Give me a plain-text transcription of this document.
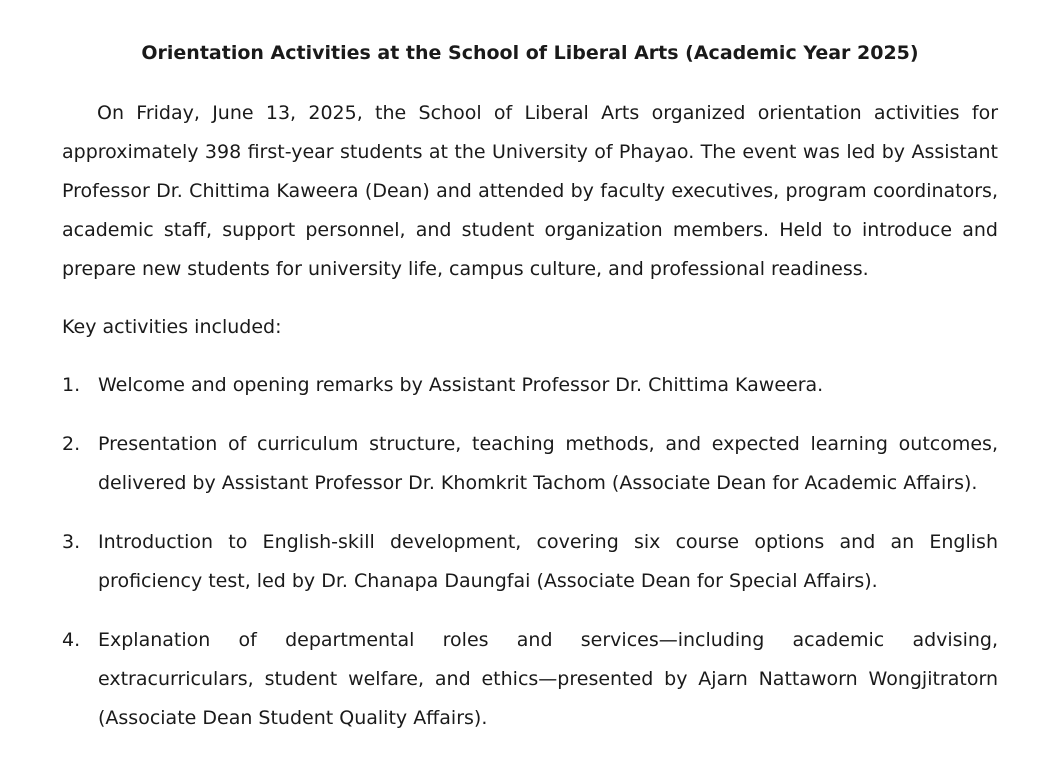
Orientation Activities at the School of Liberal Arts (Academic Year 2025)

On Friday, June 13, 2025, the School of Liberal Arts organized orientation activities for approximately 398 first-year students at the University of Phayao. The event was led by Assistant Professor Dr. Chittima Kaweera (Dean) and attended by faculty executives, program coordinators, academic staff, support personnel, and student organization members. Held to introduce and prepare new students for university life, campus culture, and professional readiness.

Key activities included:

1. Welcome and opening remarks by Assistant Professor Dr. Chittima Kaweera.
2. Presentation of curriculum structure, teaching methods, and expected learning outcomes, delivered by Assistant Professor Dr. Khomkrit Tachom (Associate Dean for Academic Affairs).
3. Introduction to English-skill development, covering six course options and an English proficiency test, led by Dr. Chanapa Daungfai (Associate Dean for Special Affairs).
4. Explanation of departmental roles and services—including academic advising, extracurriculars, student welfare, and ethics—presented by Ajarn Nattaworn Wongjitratorn (Associate Dean Student Quality Affairs).
